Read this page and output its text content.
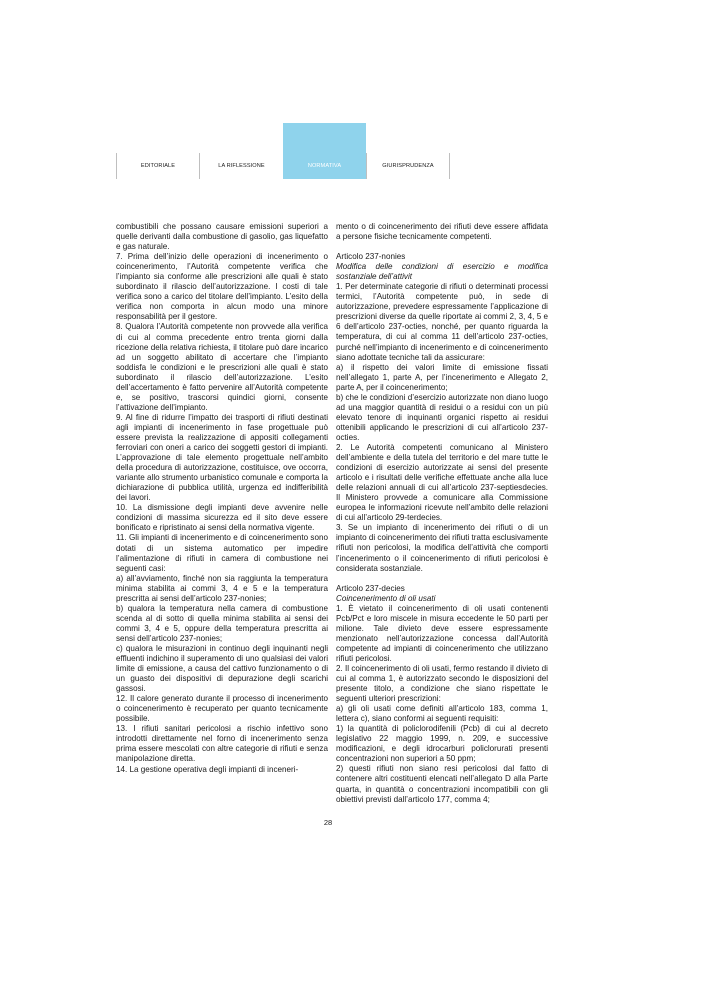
EDITORIALE	LA RIFLESSIONE	NORMATIVA	GIURISPRUDENZA

combustibili che possano causare emissioni superiori a quelle derivanti dalla combustione di gasolio, gas liquefatto e gas naturale.

7. Prima dell’inizio delle operazioni di incenerimento o coincenerimento, l’Autorità competente verifica che l’impianto sia conforme alle prescrizioni alle quali è stato subordinato il rilascio dell’autorizzazione. I costi di tale verifica sono a carico del titolare dell’impianto. L’esito della verifica non comporta in alcun modo una minore responsabilità per il gestore.

8. Qualora l’Autorità competente non provvede alla verifica di cui al comma precedente entro trenta giorni dalla ricezione della relativa richiesta, il titolare può dare incarico ad un soggetto abilitato di accertare che l’impianto soddisfa le condizioni e le prescrizioni alle quali è stato subordinato il rilascio dell’autorizzazione. L’esito dell’accertamento è fatto pervenire all’Autorità competente e, se positivo, trascorsi quindici giorni, consente l’attivazione dell’impianto.

9. Al fine di ridurre l’impatto dei trasporti di rifiuti destinati agli impianti di incenerimento in fase progettuale può essere prevista la realizzazione di appositi collegamenti ferroviari con oneri a carico dei soggetti gestori di impianti. L’approvazione di tale elemento progettuale nell’ambito della procedura di autorizzazione, costituisce, ove occorra, variante allo strumento urbanistico comunale e comporta la dichiarazione di pubblica utilità, urgenza ed indifferibilità dei lavori.

10. La dismissione degli impianti deve avvenire nelle condizioni di massima sicurezza ed il sito deve essere bonificato e ripristinato ai sensi della normativa vigente.

11. Gli impianti di incenerimento e di coincenerimento sono dotati di un sistema automatico per impedire l’alimentazione di rifiuti in camera di combustione nei seguenti casi:

a) all’avviamento, finché non sia raggiunta la temperatura minima stabilita ai commi 3, 4 e 5 e la temperatura prescritta ai sensi dell’articolo 237-nonies;

b) qualora la temperatura nella camera di combustione scenda al di sotto di quella minima stabilita ai sensi dei commi 3, 4 e 5, oppure della temperatura prescritta ai sensi dell’articolo 237-nonies;

c) qualora le misurazioni in continuo degli inquinanti negli effluenti indichino il superamento di uno qualsiasi dei valori limite di emissione, a causa del cattivo funzionamento o di un guasto dei dispositivi di depurazione degli scarichi gassosi.

12. Il calore generato durante il processo di incenerimento o coincenerimento è recuperato per quanto tecnicamente possibile.

13. I rifiuti sanitari pericolosi a rischio infettivo sono introdotti direttamente nel forno di incenerimento senza prima essere mescolati con altre categorie di rifiuti e senza manipolazione diretta.

14. La gestione operativa degli impianti di inceneri-

mento o di coincenerimento dei rifiuti deve essere affidata a persone fisiche tecnicamente competenti.

Articolo 237-nonies

Modifica delle condizioni di esercizio e modifica sostanziale dell’attivit

1. Per determinate categorie di rifiuti o determinati processi termici, l’Autorità competente può, in sede di autorizzazione, prevedere espressamente l’applicazione di prescrizioni diverse da quelle riportate ai commi 2, 3, 4, 5 e 6 dell’articolo 237-octies, nonché, per quanto riguarda la temperatura, di cui al comma 11 dell’articolo 237-octies, purché nell’impianto di incenerimento e di coincenerimento siano adottate tecniche tali da assicurare:

a) il rispetto dei valori limite di emissione fissati nell’allegato 1, parte A, per l’incenerimento e Allegato 2, parte A, per il coincenerimento;

b) che le condizioni d’esercizio autorizzate non diano luogo ad una maggior quantità di residui o a residui con un più elevato tenore di inquinanti organici rispetto ai residui ottenibili applicando le prescrizioni di cui all’articolo 237-octies.

2. Le Autorità competenti comunicano al Ministero dell’ambiente e della tutela del territorio e del mare tutte le condizioni di esercizio autorizzate ai sensi del presente articolo e i risultati delle verifiche effettuate anche alla luce delle relazioni annuali di cui all’articolo 237-septiesdecies. Il Ministero provvede a comunicare alla Commissione europea le informazioni ricevute nell’ambito delle relazioni di cui all’articolo 29-terdecies.

3. Se un impianto di incenerimento dei rifiuti o di un impianto di coincenerimento dei rifiuti tratta esclusivamente rifiuti non pericolosi, la modifica dell’attività che comporti l’incenerimento o il coincenerimento di rifiuti pericolosi è considerata sostanziale.

Articolo 237-decies

Coincenerimento di oli usati

1. È vietato il coincenerimento di oli usati contenenti Pcb/Pct e loro miscele in misura eccedente le 50 parti per milione. Tale divieto deve essere espressamente menzionato nell’autorizzazione concessa dall’Autorità competente ad impianti di coincenerimento che utilizzano rifiuti pericolosi.

2. Il coincenerimento di oli usati, fermo restando il divieto di cui al comma 1, è autorizzato secondo le disposizioni del presente titolo, a condizione che siano rispettate le seguenti ulteriori prescrizioni:

a) gli oli usati come definiti all’articolo 183, comma 1, lettera c), siano conformi ai seguenti requisiti:

1) la quantità di policlorodifenili (Pcb) di cui al decreto legislativo 22 maggio 1999, n. 209, e successive modificazioni, e degli idrocarburi policlorurati presenti concentrazioni non superiori a 50 ppm;

2) questi rifiuti non siano resi pericolosi dal fatto di contenere altri costituenti elencati nell’allegato D alla Parte quarta, in quantità o concentrazioni incompatibili con gli obiettivi previsti dall’articolo 177, comma 4;

28
